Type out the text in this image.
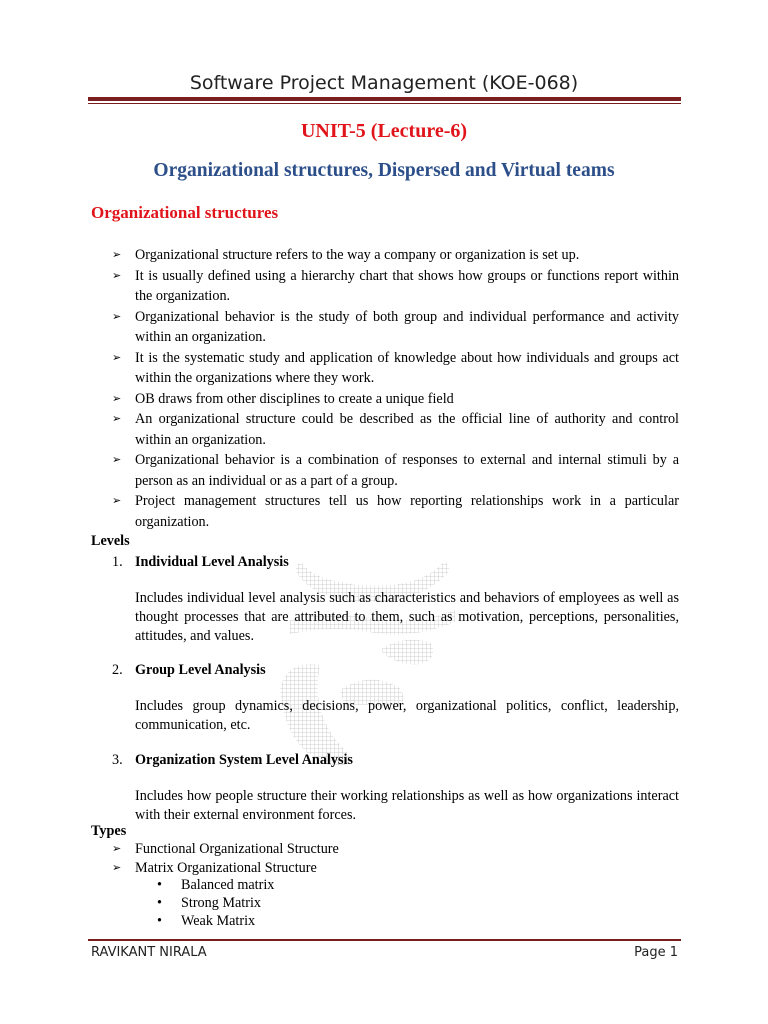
Software Project Management (KOE-068)
UNIT-5 (Lecture-6)
Organizational structures, Dispersed and Virtual teams
Organizational structures
➢ Organizational structure refers to the way a company or organization is set up.
➢ It is usually defined using a hierarchy chart that shows how groups or functions report within the organization.
➢ Organizational behavior is the study of both group and individual performance and activity within an organization.
➢ It is the systematic study and application of knowledge about how individuals and groups act within the organizations where they work.
➢ OB draws from other disciplines to create a unique field
➢ An organizational structure could be described as the official line of authority and control within an organization.
➢ Organizational behavior is a combination of responses to external and internal stimuli by a person as an individual or as a part of a group.
➢ Project management structures tell us how reporting relationships work in a particular organization.
Levels
1. Individual Level Analysis
Includes individual level analysis such as characteristics and behaviors of employees as well as thought processes that are attributed to them, such as motivation, perceptions, personalities, attitudes, and values.
2. Group Level Analysis
Includes group dynamics, decisions, power, organizational politics, conflict, leadership, communication, etc.
3. Organization System Level Analysis
Includes how people structure their working relationships as well as how organizations interact with their external environment forces.
Types
➢ Functional Organizational Structure
➢ Matrix Organizational Structure
• Balanced matrix
• Strong Matrix
• Weak Matrix
RAVIKANT NIRALA	Page 1
